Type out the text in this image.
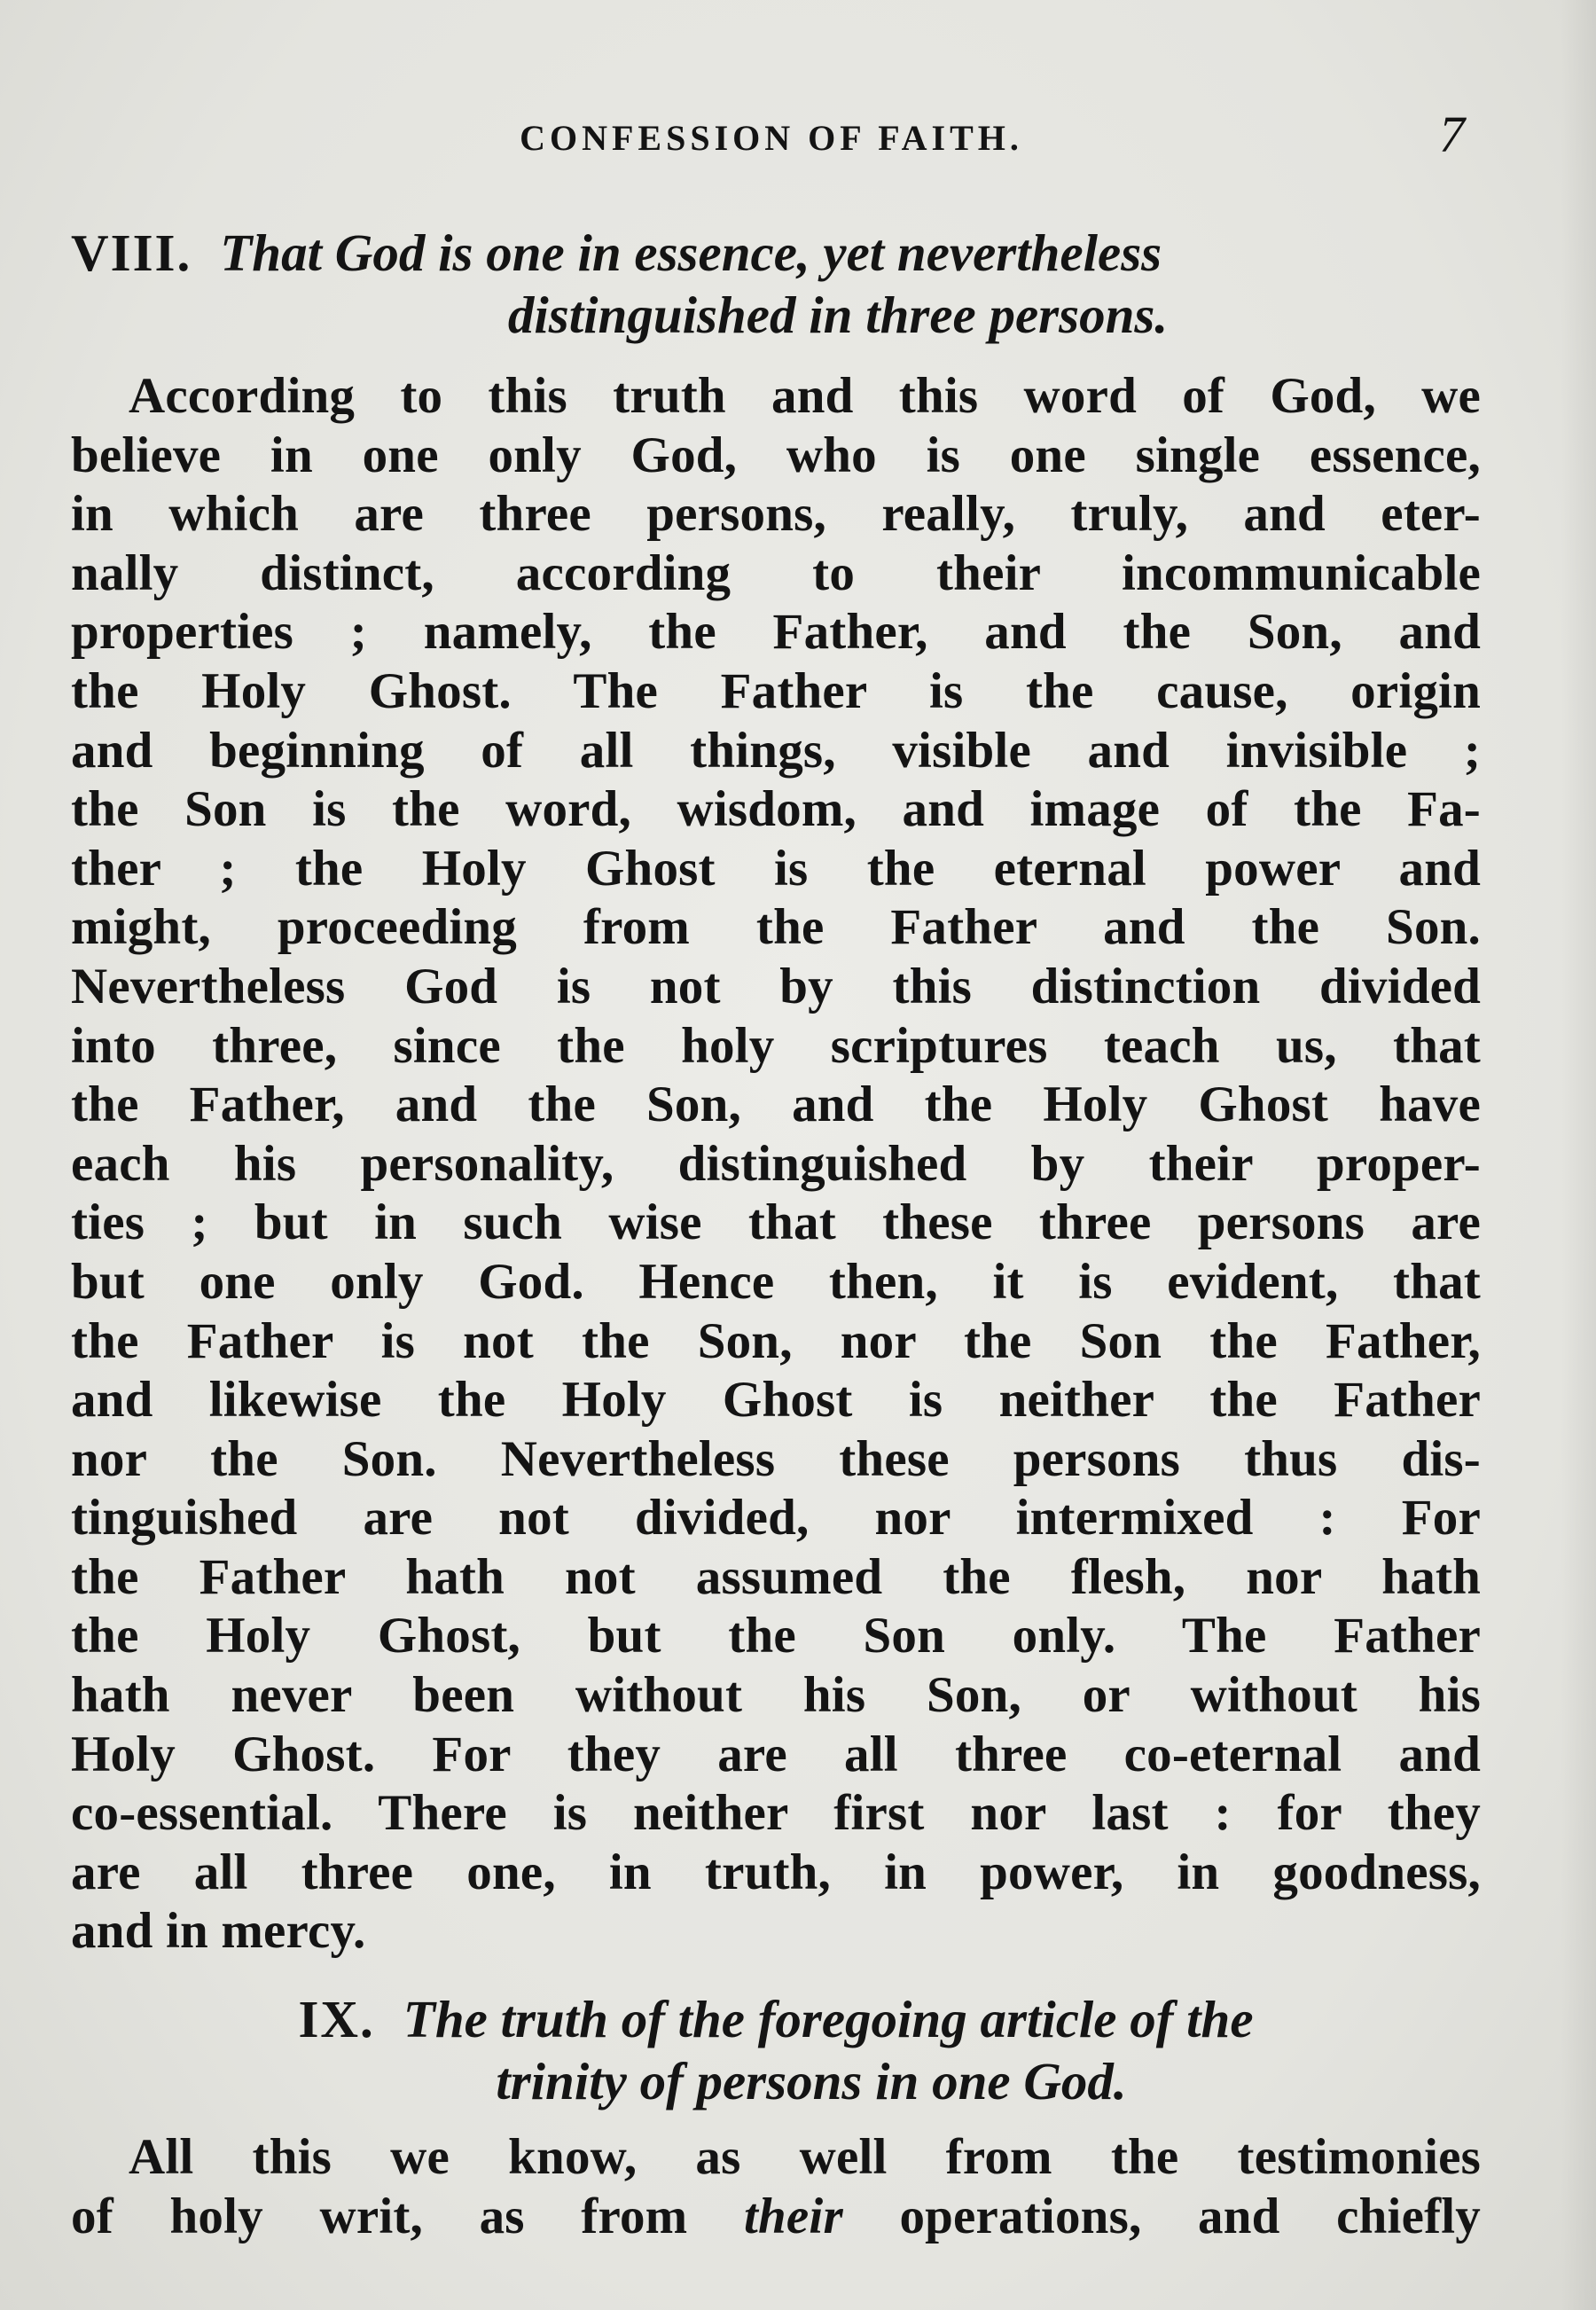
CONFESSION OF FAITH.	7
VIII. That God is one in essence, yet nevertheless
distinguished in three persons.
According to this truth and this word of God, we
believe in one only God, who is one single essence,
in which are three persons, really, truly, and eter-
nally distinct, according to their incommunicable
properties ; namely, the Father, and the Son, and
the Holy Ghost. The Father is the cause, origin
and beginning of all things, visible and invisible ;
the Son is the word, wisdom, and image of the Fa-
ther ; the Holy Ghost is the eternal power and
might, proceeding from the Father and the Son.
Nevertheless God is not by this distinction divided
into three, since the holy scriptures teach us, that
the Father, and the Son, and the Holy Ghost have
each his personality, distinguished by their proper-
ties ; but in such wise that these three persons are
but one only God. Hence then, it is evident, that
the Father is not the Son, nor the Son the Father,
and likewise the Holy Ghost is neither the Father
nor the Son. Nevertheless these persons thus dis-
tinguished are not divided, nor intermixed : For
the Father hath not assumed the flesh, nor hath
the Holy Ghost, but the Son only. The Father
hath never been without his Son, or without his
Holy Ghost. For they are all three co-eternal and
co-essential. There is neither first nor last : for they
are all three one, in truth, in power, in goodness,
and in mercy.
IX. The truth of the foregoing article of the
trinity of persons in one God.
All this we know, as well from the testimonies
of holy writ, as from their operations, and chiefly
